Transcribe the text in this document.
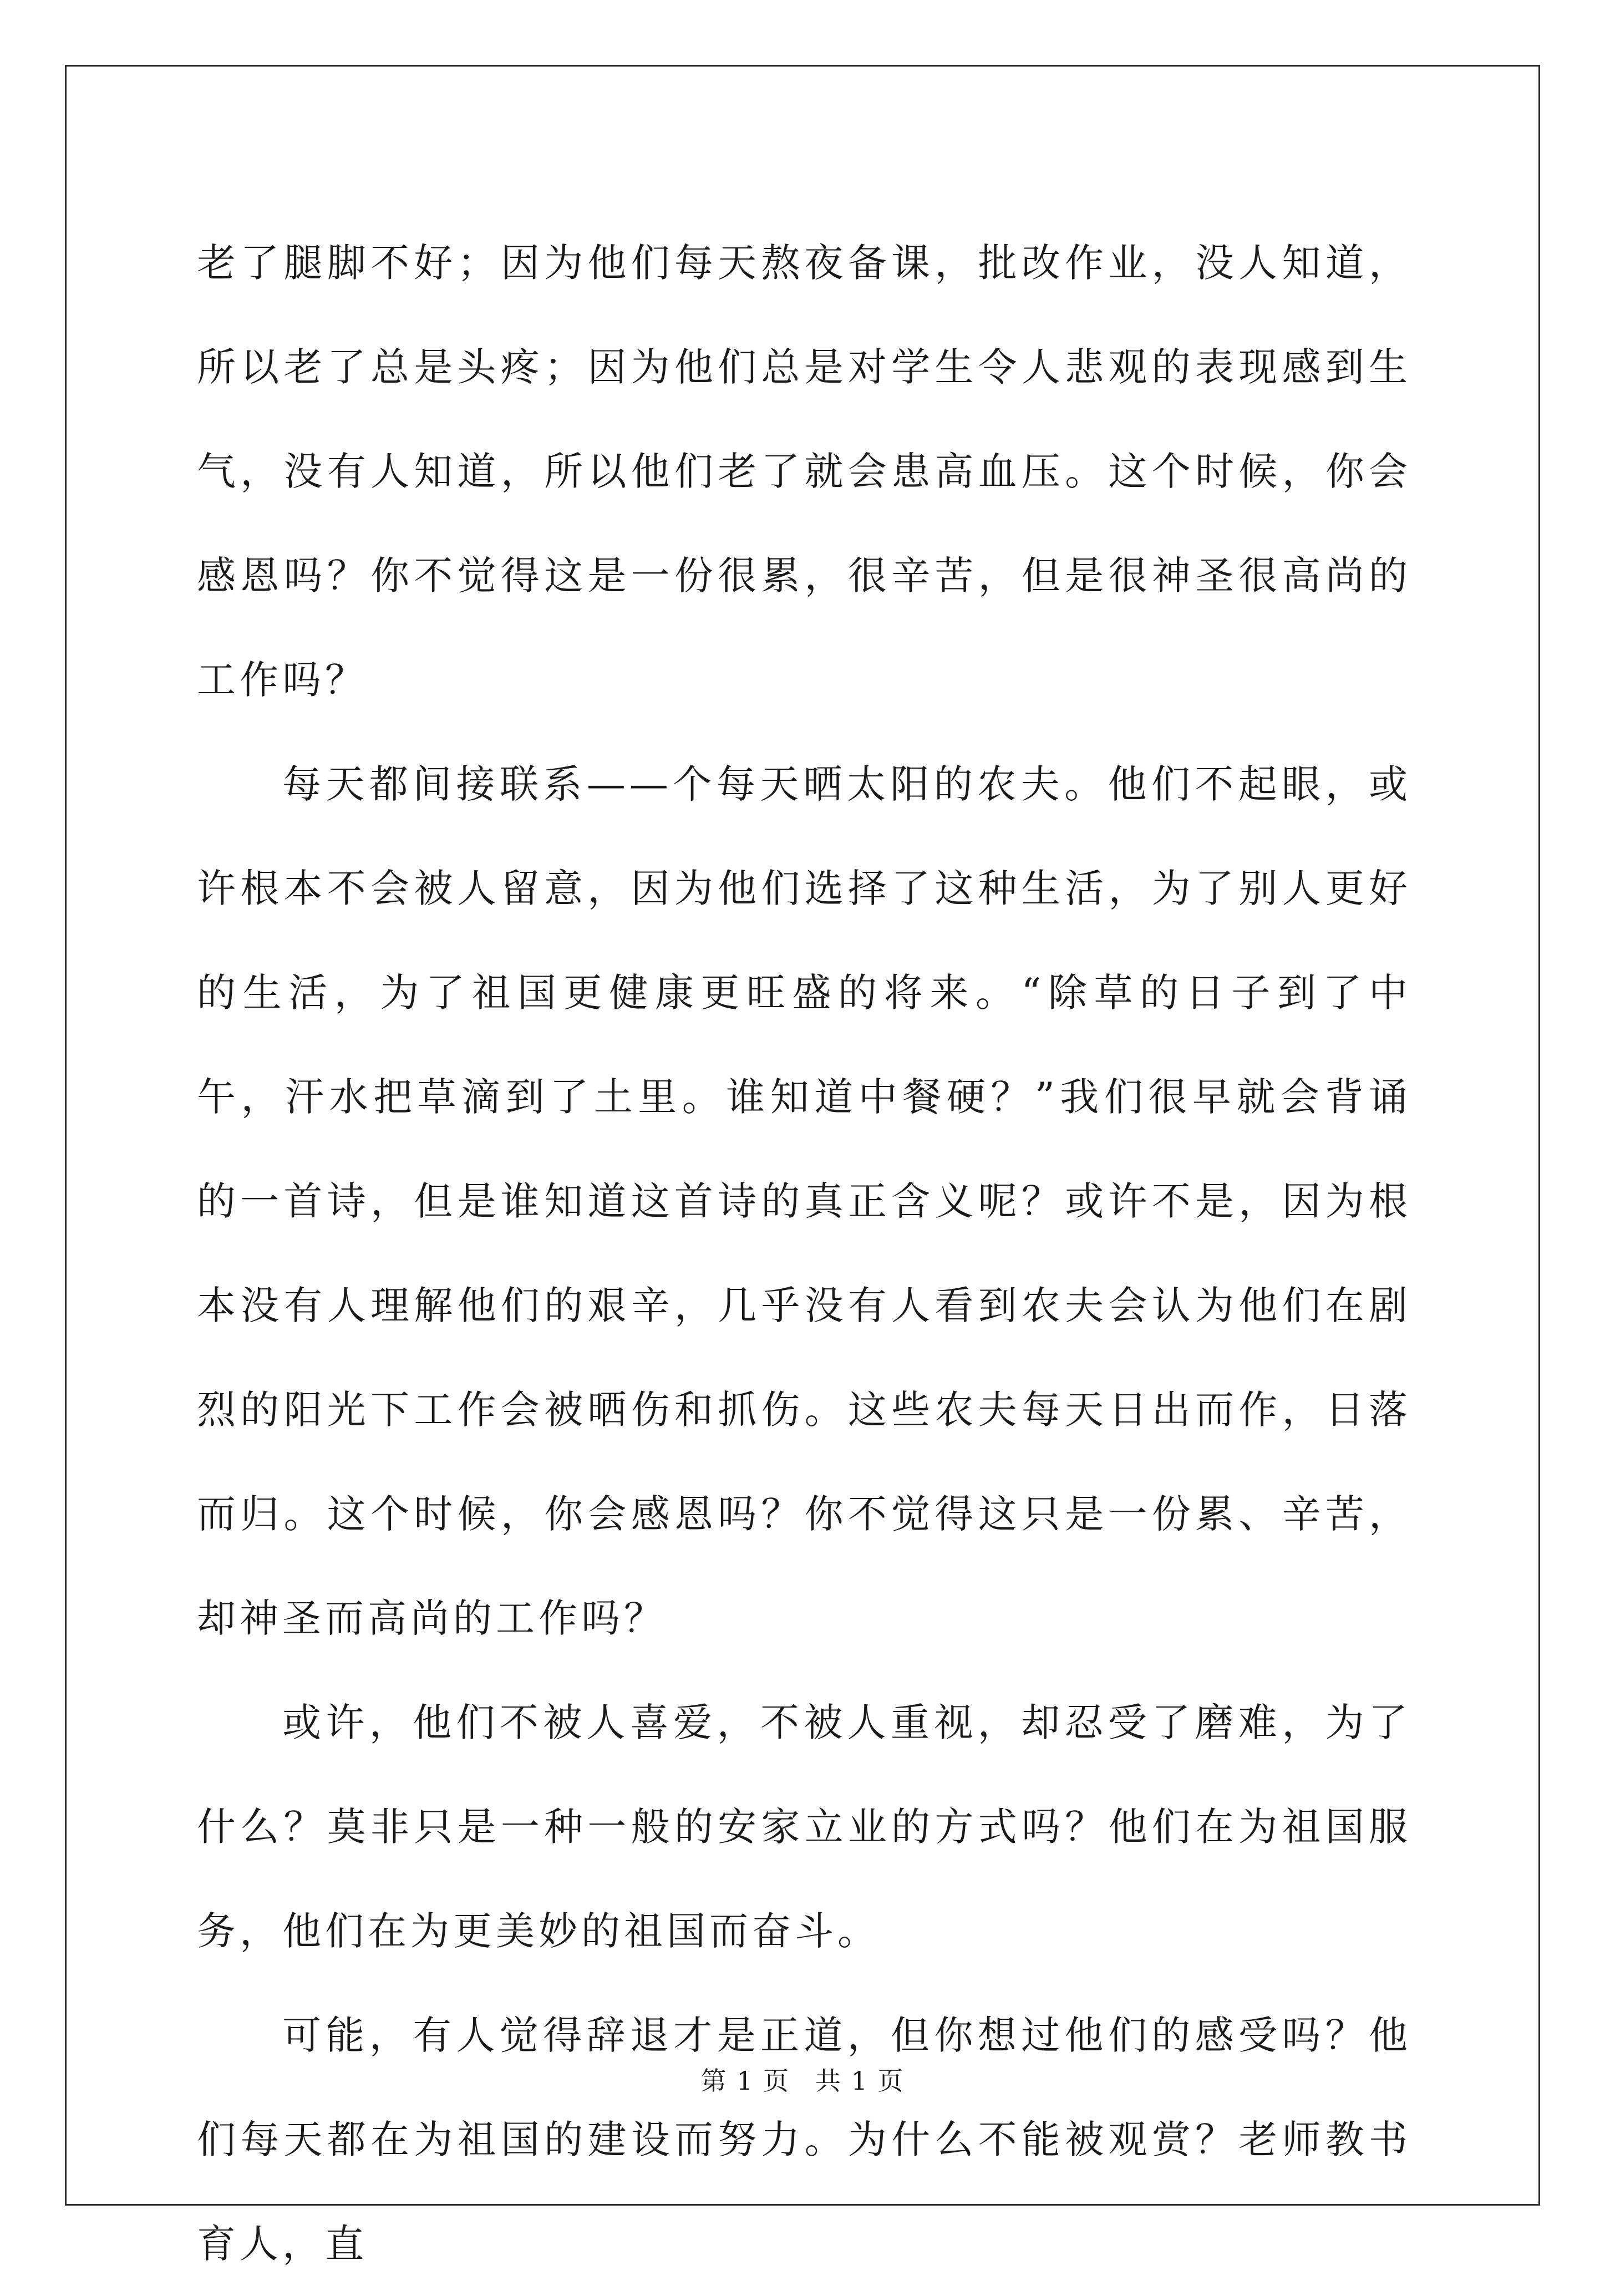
老了腿脚不好；因为他们每天熬夜备课，批改作业，没人知道，所以老了总是头疼；因为他们总是对学生令人悲观的表现感到生气，没有人知道，所以他们老了就会患高血压。这个时候，你会感恩吗？你不觉得这是一份很累，很辛苦，但是很神圣很高尚的工作吗？

每天都间接联系——个每天晒太阳的农夫。他们不起眼，或许根本不会被人留意，因为他们选择了这种生活，为了别人更好的生活，为了祖国更健康更旺盛的将来。“除草的日子到了中午，汗水把草滴到了土里。谁知道中餐硬？”我们很早就会背诵的一首诗，但是谁知道这首诗的真正含义呢？或许不是，因为根本没有人理解他们的艰辛，几乎没有人看到农夫会认为他们在剧烈的阳光下工作会被晒伤和抓伤。这些农夫每天日出而作，日落而归。这个时候，你会感恩吗？你不觉得这只是一份累、辛苦，却神圣而高尚的工作吗？

或许，他们不被人喜爱，不被人重视，却忍受了磨难，为了什么？莫非只是一种一般的安家立业的方式吗？他们在为祖国服务，他们在为更美妙的祖国而奋斗。

可能，有人觉得辞退才是正道，但你想过他们的感受吗？他们每天都在为祖国的建设而努力。为什么不能被观赏？老师教书育人，直

第 1 页 共 1 页
